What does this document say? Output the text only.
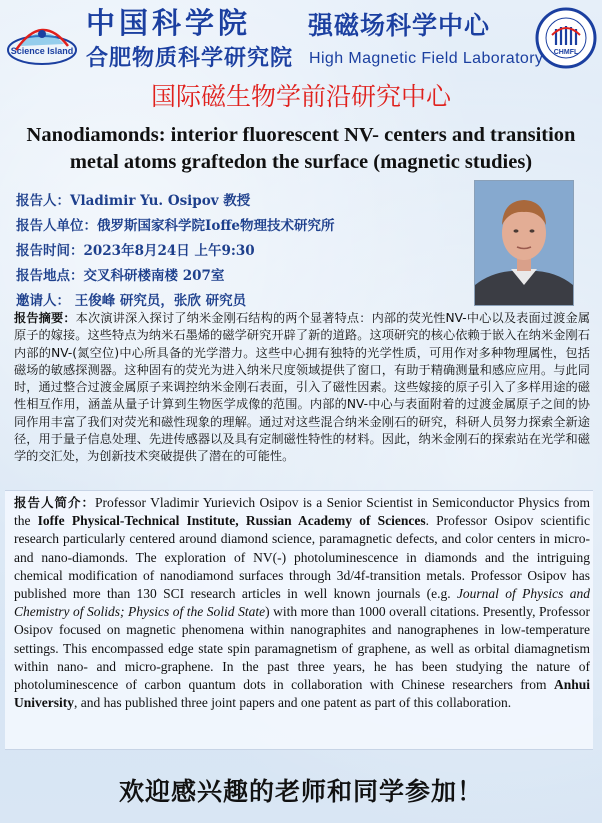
Science Island
中国科学院
合肥物质科学研究院
强磁场科学中心
High Magnetic Field Laboratory CHMFL
国际磁生物学前沿研究中心
Nanodiamonds: interior fluorescent NV- centers and transition metal atoms graftedon the surface (magnetic studies)
报告人：Vladimir Yu. Osipov 教授
报告人单位：俄罗斯国家科学院Ioffe物理技术研究所
报告时间：2023年8月24日 上午9:30
报告地点：交叉科研楼南楼 207室
邀请人： 王俊峰 研究员，张欣 研究员
报告摘要：本次演讲深入探讨了纳米金刚石结构的两个显著特点：内部的荧光性NV-中心以及表面过渡金属原子的嫁接。这些特点为纳米石墨烯的磁学研究开辟了新的道路。这项研究的核心依赖于嵌入在纳米金刚石内部的NV-(氮空位)中心所具备的光学潜力。这些中心拥有独特的光学性质，可用作对多种物理属性，包括磁场的敏感探测器。这种固有的荧光为进入纳米尺度领域提供了窗口，有助于精确测量和感应应用。与此同时，通过整合过渡金属原子来调控纳米金刚石表面，引入了磁性因素。这些嫁接的原子引入了多样用途的磁性相互作用，涵盖从量子计算到生物医学成像的范围。内部的NV-中心与表面附着的过渡金属原子之间的协同作用丰富了我们对荧光和磁性现象的理解。通过对这些混合纳米金刚石的研究，科研人员努力探索全新途径，用于量子信息处理、先进传感器以及具有定制磁性特性的材料。因此，纳米金刚石的探索站在光学和磁学的交汇处，为创新技术突破提供了潜在的可能性。
报告人简介：Professor Vladimir Yurievich Osipov is a Senior Scientist in Semiconductor Physics from the Ioffe Physical-Technical Institute, Russian Academy of Sciences. Professor Osipov scientific research particularly centered around diamond science, paramagnetic defects, and color centers in micro- and nano-diamonds. The exploration of NV(-) photoluminescence in diamonds and the intriguing chemical modification of nanodiamond surfaces through 3d/4f-transition metals. Professor Osipov has published more than 130 SCI research articles in well known journals (e.g. Journal of Physics and Chemistry of Solids; Physics of the Solid State) with more than 1000 overall citations. Presently, Professor Osipov focused on magnetic phenomena within nanographites and nanographenes in low-temperature settings. This encompassed edge state spin paramagnetism of graphene, as well as orbital diamagnetism within nano- and micro-graphene. In the past three years, he has been studying the nature of photoluminescence of carbon quantum dots in collaboration with Chinese researchers from Anhui University, and has published three joint papers and one patent as part of this collaboration.
欢迎感兴趣的老师和同学参加！
